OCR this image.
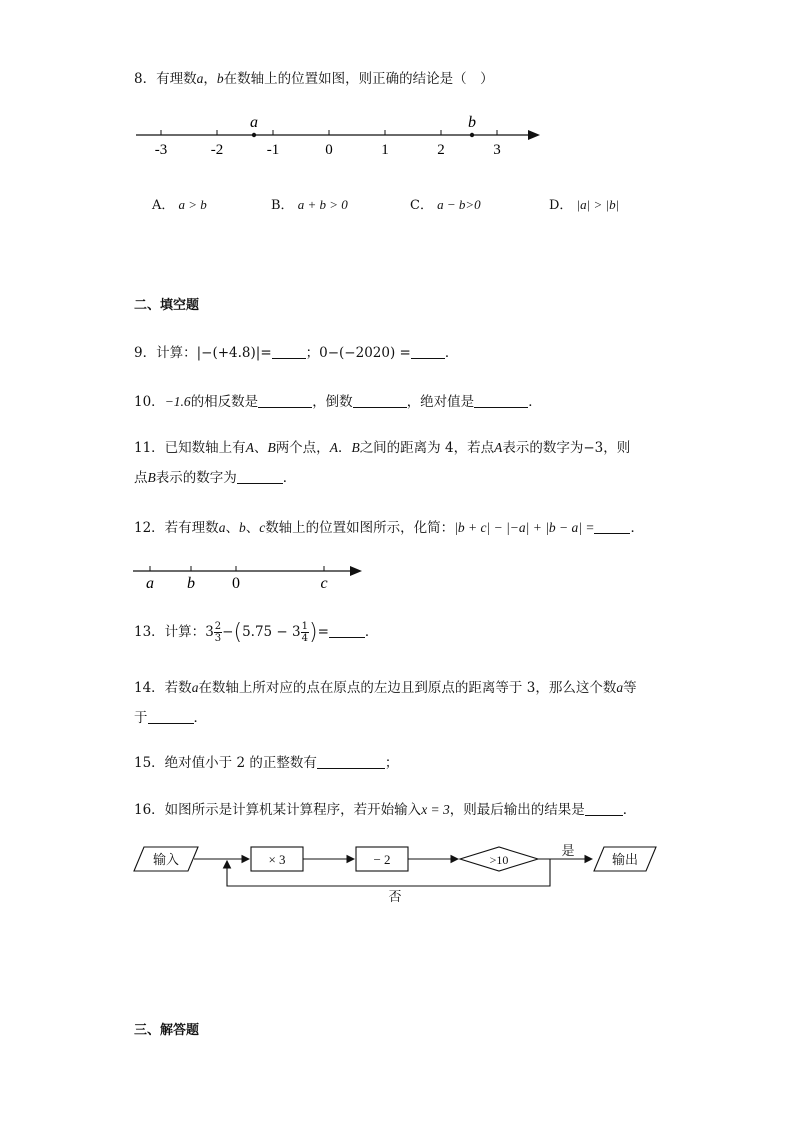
8．有理数a，b在数轴上的位置如图，则正确的结论是（　）
a	b
-3	-2	-1	0	1	2	3
A． a > b	B． a + b > 0	C． a − b>0	D． |a| > |b|
二、填空题
9．计算：|−(+4.8)|=	；0−(−2020) =	．
10．−1.6的相反数是	，倒数	，绝对值是	．
11．已知数轴上有A、B两个点，A．B之间的距离为 4，若点A表示的数字为−3，则
点B表示的数字为	．
12．若有理数a、b、c数轴上的位置如图所示，化简：|b + c| − |−a| + |b − a| =	．
a b 0	c
13．计算：$3 \frac{2}{3} -(5.75 - 3 \frac{1}{4}$ )=	．
14．若数a在数轴上所对应的点在原点的左边且到原点的距离等于 3，那么这个数a等
于	．
15．绝对值小于 2 的正整数有	；
16．如图所示是计算机某计算程序，若开始输入x = 3，则最后输出的结果是	．
输入	× 3	− 2	>10	输出
是
否
三、解答题
